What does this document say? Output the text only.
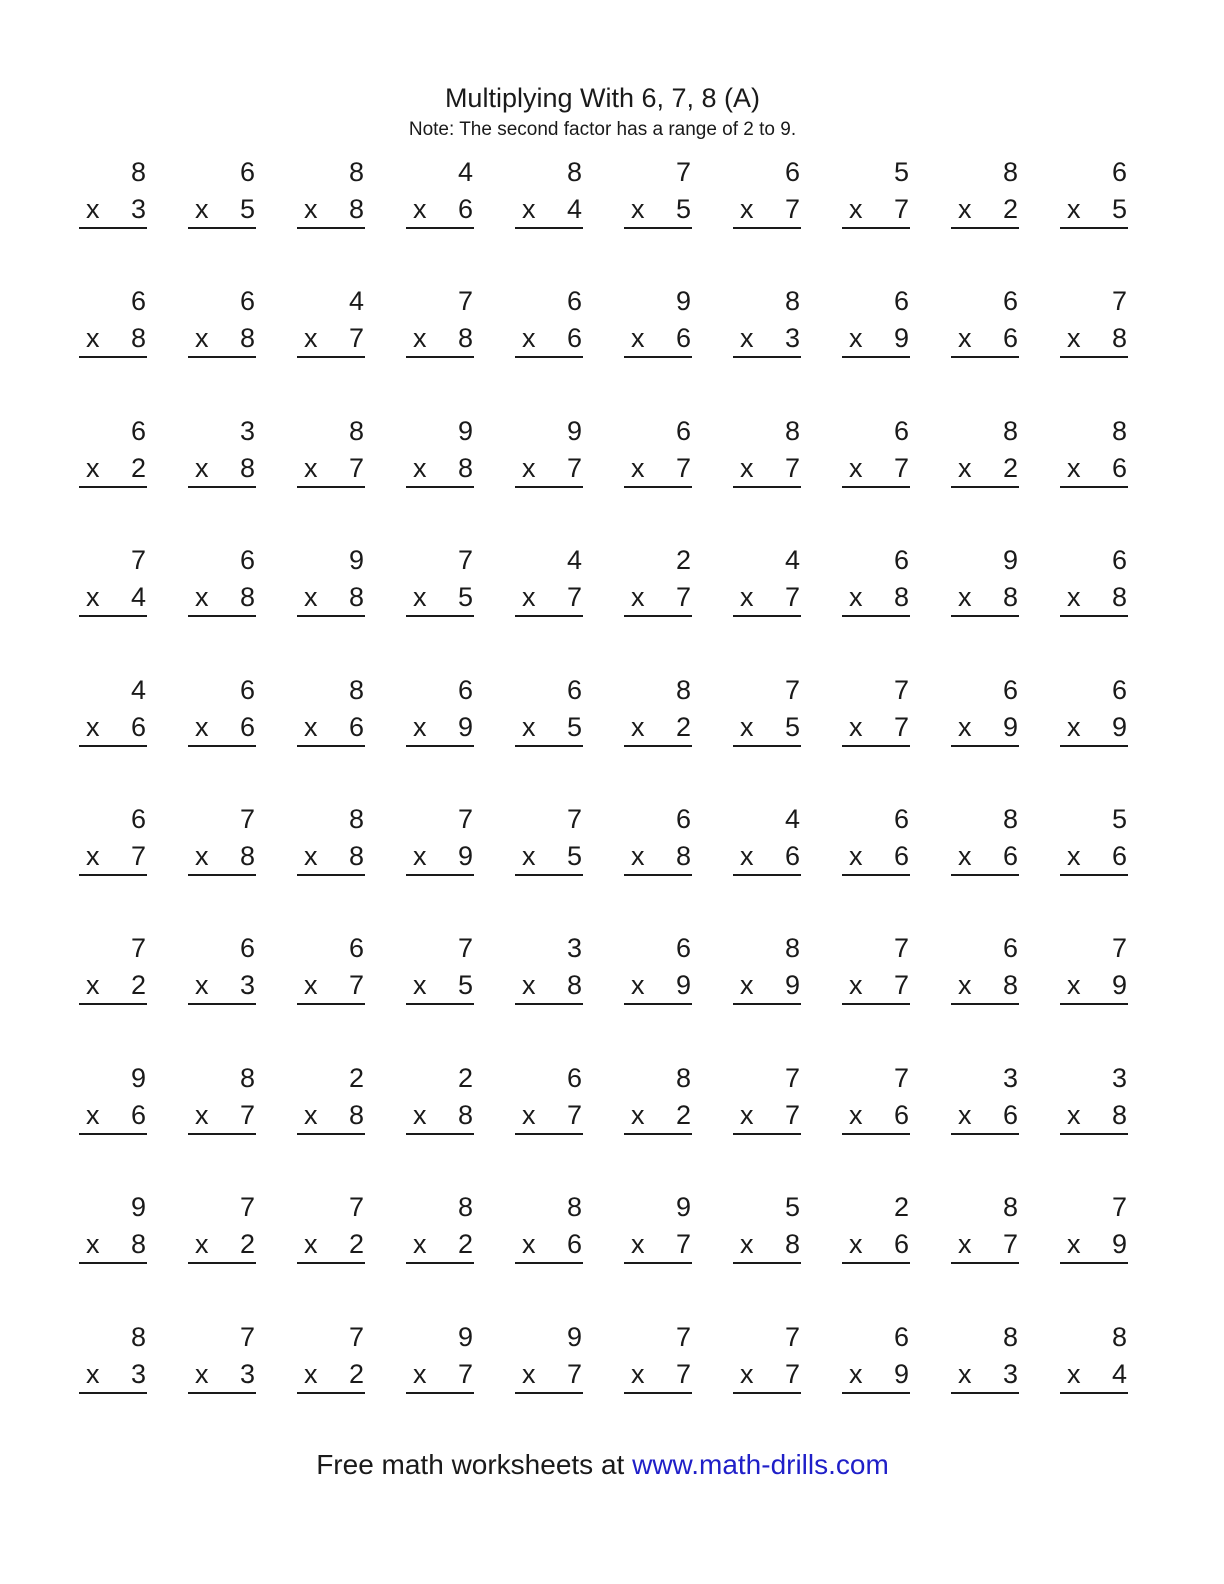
Multiplying With 6, 7, 8 (A)
Note: The second factor has a range of 2 to 9.
8
x 3
6
x 5
8
x 8
4
x 6
8
x 4
7
x 5
6
x 7
5
x 7
8
x 2
6
x 5
6
x 8
6
x 8
4
x 7
7
x 8
6
x 6
9
x 6
8
x 3
6
x 9
6
x 6
7
x 8
6
x 2
3
x 8
8
x 7
9
x 8
9
x 7
6
x 7
8
x 7
6
x 7
8
x 2
8
x 6
7
x 4
6
x 8
9
x 8
7
x 5
4
x 7
2
x 7
4
x 7
6
x 8
9
x 8
6
x 8
4
x 6
6
x 6
8
x 6
6
x 9
6
x 5
8
x 2
7
x 5
7
x 7
6
x 9
6
x 9
6
x 7
7
x 8
8
x 8
7
x 9
7
x 5
6
x 8
4
x 6
6
x 6
8
x 6
5
x 6
7
x 2
6
x 3
6
x 7
7
x 5
3
x 8
6
x 9
8
x 9
7
x 7
6
x 8
7
x 9
9
x 6
8
x 7
2
x 8
2
x 8
6
x 7
8
x 2
7
x 7
7
x 6
3
x 6
3
x 8
9
x 8
7
x 2
7
x 2
8
x 2
8
x 6
9
x 7
5
x 8
2
x 6
8
x 7
7
x 9
8
x 3
7
x 3
7
x 2
9
x 7
9
x 7
7
x 7
7
x 7
6
x 9
8
x 3
8
x 4
Free math worksheets at www.math-drills.com
